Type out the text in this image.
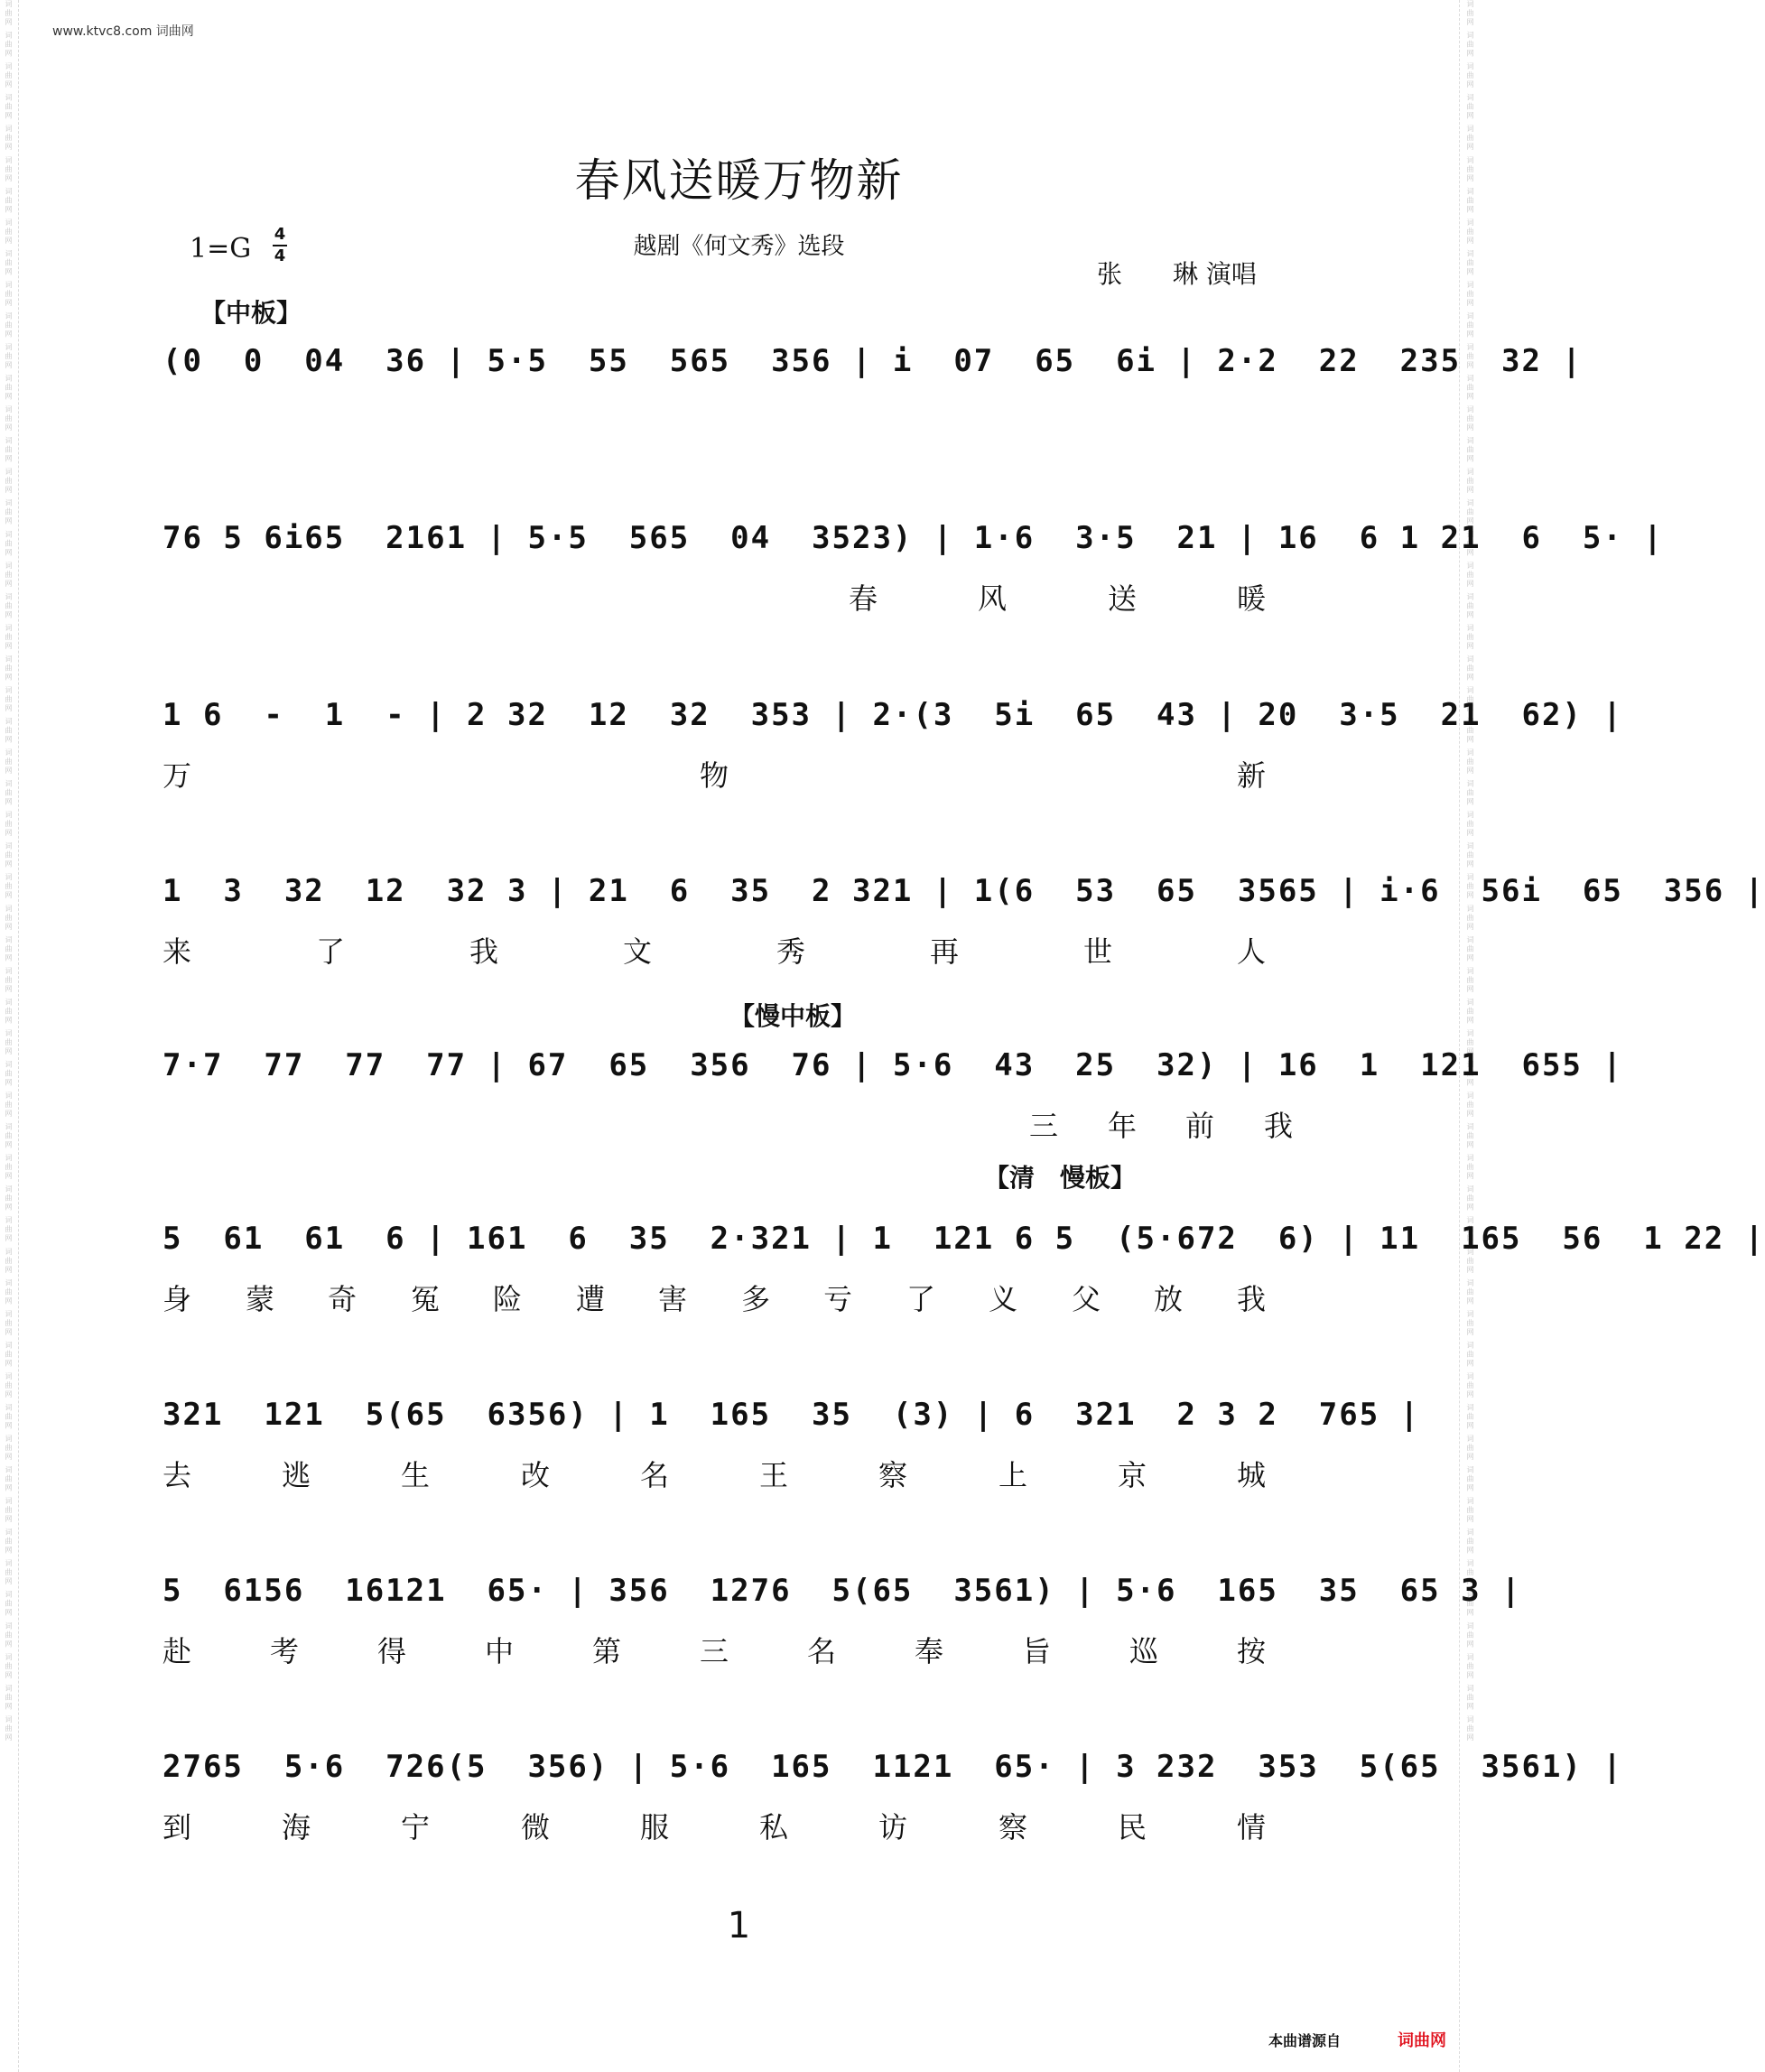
词曲网 词曲网 词曲网 词曲网 词曲网 词曲网 词曲网 词曲网 词曲网 词曲网 词曲网 词曲网 词曲网 词曲网 词曲网 词曲网 词曲网 词曲网 词曲网 词曲网 词曲网 词曲网 词曲网 词曲网 词曲网 词曲网 词曲网 词曲网 词曲网 词曲网 词曲网 词曲网 词曲网 词曲网 词曲网 词曲网 词曲网 词曲网 词曲网 词曲网 词曲网 词曲网 词曲网 词曲网 词曲网 词曲网 词曲网 词曲网 词曲网 词曲网 词曲网 词曲网 词曲网 词曲网 词曲网 词曲网	词曲网 词曲网 词曲网 词曲网 词曲网 词曲网 词曲网 词曲网 词曲网 词曲网 词曲网 词曲网 词曲网 词曲网 词曲网 词曲网 词曲网 词曲网 词曲网 词曲网 词曲网 词曲网 词曲网 词曲网 词曲网 词曲网 词曲网 词曲网 词曲网 词曲网 词曲网 词曲网 词曲网 词曲网 词曲网 词曲网 词曲网 词曲网 词曲网 词曲网 词曲网 词曲网 词曲网 词曲网 词曲网 词曲网 词曲网 词曲网 词曲网 词曲网 词曲网 词曲网 词曲网 词曲网 词曲网 词曲网
www.ktvc8.com 词曲网
春风送暖万物新
越剧《何文秀》选段
1=G 4
4
张　　琳 演唱
【中板】
【慢中板】
【清　慢板】
(0  0  04  36 | 5·5  55  565  356 | i  07  65  6i | 2·2  22  235  32 |
76 5 6i65  2161 | 5·5  565  04  3523) | 1·6  3·5  21 | 16  6 1 21  6  5· |
春	风	送	暖
1 6  -  1  - | 2 32  12  32  353 | 2·(3  5i  65  43 | 20  3·5  21  62) |
万	物	新
1  3  32  12  32 3 | 21  6  35  2 321 | 1(6  53  65  3565 | i·6  56i  65  356 |
来	了	我	文	秀	再	世	人
7·7  77  77  77 | 67  65  356  76 | 5·6  43  25  32) | 16  1  121  655 |
三 年 前 我
5  61  61  6 | 161  6  35  2·321 | 1  121 6 5  (5·672  6) | 11  165  56  1 22 |
身 蒙 奇 冤 险 遭 害 多 亏 了 义 父 放 我
321  121  5(65  6356) | 1  165  35  (3) | 6  321  2 3 2  765 |
去	逃	生	改	名	王	察	上	京	城
5  6156  16121  65· | 356  1276  5(65  3561) | 5·6  165  35  65 3 |
赴	考	得	中	第	三	名	奉	旨	巡	按
2765  5·6  726(5  356) | 5·6  165  1121  65· | 3 232  353  5(65  3561) |
到	海	宁	微	服	私	访	察	民	情
1
本曲谱源自	词曲网
